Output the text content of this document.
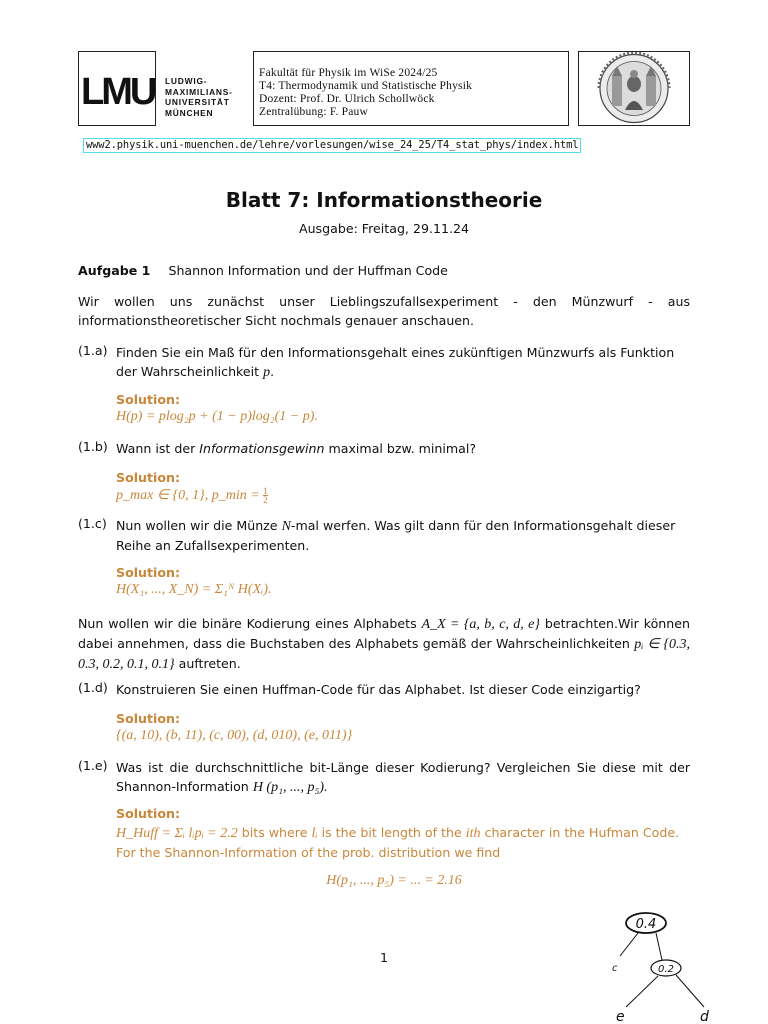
LMU LUDWIG-
MAXIMILIANS-
UNIVERSITÄT
MÜNCHEN
Fakultät für Physik im WiSe 2024/25
T4: Thermodynamik und Statistische Physik
Dozent: Prof. Dr. Ulrich Schollwöck
Zentralübung: F. Pauw
www2.physik.uni-muenchen.de/lehre/vorlesungen/wise_24_25/T4_stat_phys/index.html
Blatt 7: Informationstheorie
Ausgabe: Freitag, 29.11.24
Aufgabe 1 Shannon Information und der Huffman Code
Wir wollen uns zunächst unser Lieblingszufallsexperiment - den Münzwurf - aus informationstheoretischer Sicht nochmals genauer anschauen.
(1.a) Finden Sie ein Maß für den Informationsgehalt eines zukünftigen Münzwurfs als Funktion der Wahrscheinlichkeit p.
Solution:
H(p) = plog₂p + (1 − p)log₂(1 − p).
(1.b) Wann ist der Informationsgewinn maximal bzw. minimal?
Solution:
p_max ∈ {0, 1}, p_min = $\frac{1}{2}$
(1.c) Nun wollen wir die Münze N-mal werfen. Was gilt dann für den Informationsgehalt dieser Reihe an Zufallsexperimenten.
Solution:
H(X₁, ..., X_N) = Σ₁ᴺ H(Xᵢ).
Nun wollen wir die binäre Kodierung eines Alphabets A_X = {a, b, c, d, e} betrachten.Wir können dabei annehmen, dass die Buchstaben des Alphabets gemäß der Wahrscheinlichkeiten pᵢ ∈ {0.3, 0.3, 0.2, 0.1, 0.1} auftreten.
(1.d) Konstruieren Sie einen Huffman-Code für das Alphabet. Ist dieser Code einzigartig?
Solution:
{(a, 10), (b, 11), (c, 00), (d, 010), (e, 011)}
(1.e) Was ist die durchschnittliche bit-Länge dieser Kodierung? Vergleichen Sie diese mit der Shannon-Information H (p₁, ..., p₅).
Solution:
H_Huff = Σᵢ lᵢpᵢ = 2.2 bits where lᵢ is the bit length of the ith character in the Hufman Code. For the Shannon-Information of the prob. distribution we find
H(p₁, ..., p₅) = ... = 2.16
1
0.4
c	0.2
e	d
